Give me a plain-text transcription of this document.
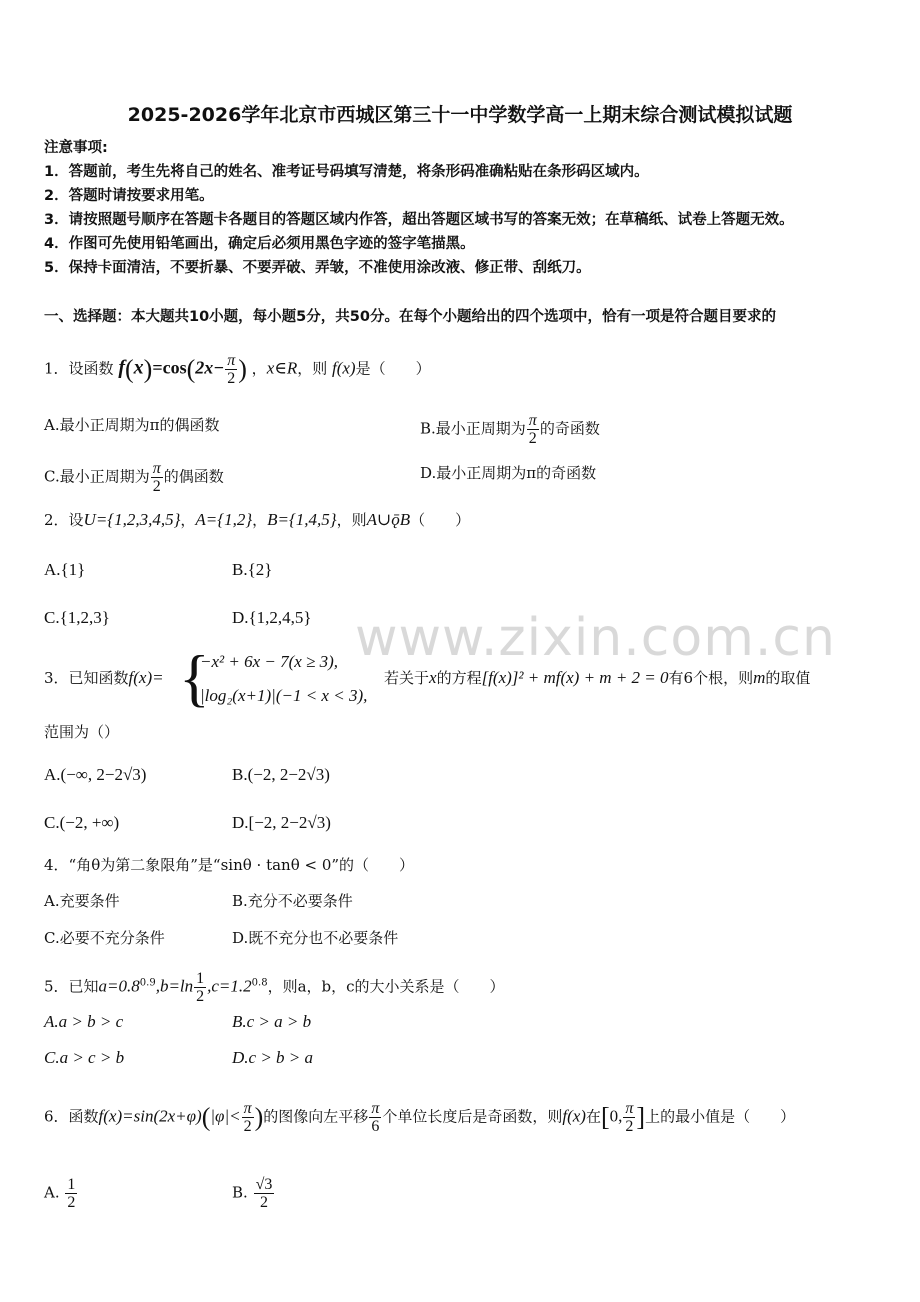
2025-2026学年北京市西城区第三十一中学数学高一上期末综合测试模拟试题
注意事项:
1．答题前，考生先将自己的姓名、准考证号码填写清楚，将条形码准确粘贴在条形码区域内。
2．答题时请按要求用笔。
3．请按照题号顺序在答题卡各题目的答题区域内作答，超出答题区域书写的答案无效；在草稿纸、试卷上答题无效。
4．作图可先使用铅笔画出，确定后必须用黑色字迹的签字笔描黑。
5．保持卡面清洁，不要折暴、不要弄破、弄皱，不准使用涂改液、修正带、刮纸刀。
一、选择题：本大题共10小题，每小题5分，共50分。在每个小题给出的四个选项中，恰有一项是符合题目要求的
1．设函数 $f(x)=\cos(2x- \frac{\pi}{2}$ ) ，x∈R，则 f(x)是（　　）
A.最小正周期为π的偶函数	B.最小正周期为 $\frac{\pi}{2}$ 的奇函数
C.最小正周期为 $\frac{\pi}{2}$ 的偶函数	D.最小正周期为π的奇函数
2．设U={1,2,3,4,5}，A={1,2}，B={1,4,5}，则A∪ǭB（　　）
A.{1}	B.{2}
C.{1,2,3}	D.{1,2,4,5} www.zixin.com.cn
3．已知函数f(x)= {
−x² + 6x − 7(x ≥ 3),
|log₂(x+1)|(−1 < x < 3),
若关于x的方程[f(x)]² + mf(x) + m + 2 = 0有6个根，则m的取值
范围为（）
A.(−∞, 2−2√3)	B.(−2, 2−2√3)
C.(−2, +∞)	D.[−2, 2−2√3)
4．“角θ为第二象限角”是“sinθ · tanθ < 0”的（　　）
A.充要条件	B.充分不必要条件
C.必要不充分条件	D.既不充分也不必要条件
5．已知$a=0.8^{0.9},b=\ln \frac{1}{2} ,c=1.2^{0.8}$，则a，b，c的大小关系是（　　）
A.a > b > c	B.c > a > b
C.a > c > b	D.c > b > a
6．函数$f(x)=\sin(2x+\varphi)(|\varphi|< \frac{\pi}{2}$ )的图像向左平移 $\frac{\pi}{6}$ 个单位长度后是奇函数，则f(x)在[0, $\frac{\pi}{2}$ ]上的最小值是（　　）
A. $\frac{1}{2}$	B. $\frac{√3}{2}$
